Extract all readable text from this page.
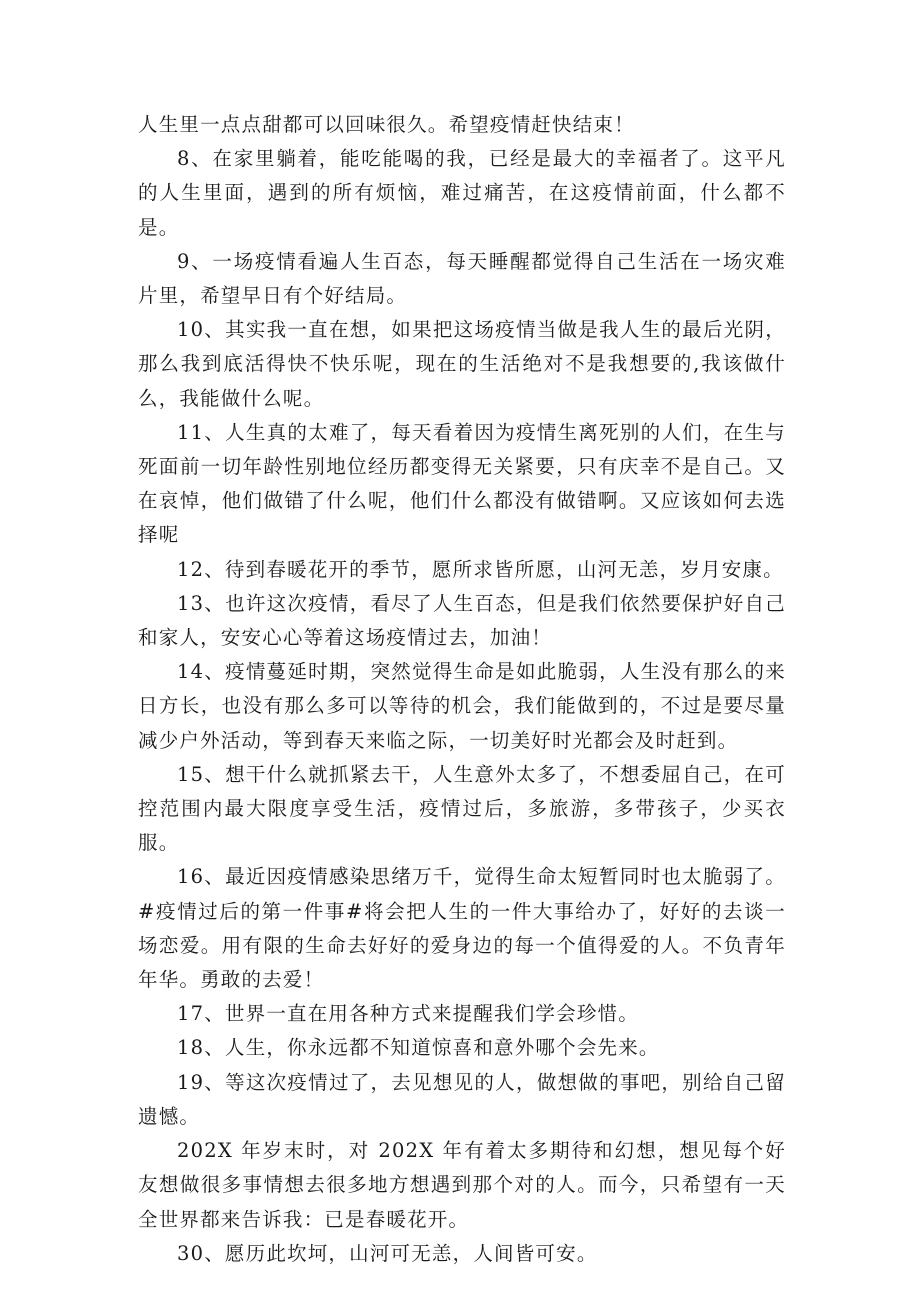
人生里一点点甜都可以回味很久。希望疫情赶快结束！

8、在家里躺着，能吃能喝的我，已经是最大的幸福者了。这平凡的人生里面，遇到的所有烦恼，难过痛苦，在这疫情前面，什么都不是。

9、一场疫情看遍人生百态，每天睡醒都觉得自己生活在一场灾难片里，希望早日有个好结局。

10、其实我一直在想，如果把这场疫情当做是我人生的最后光阴，那么我到底活得快不快乐呢，现在的生活绝对不是我想要的,我该做什么，我能做什么呢。

11、人生真的太难了，每天看着因为疫情生离死别的人们，在生与死面前一切年龄性别地位经历都变得无关紧要，只有庆幸不是自己。又在哀悼，他们做错了什么呢，他们什么都没有做错啊。又应该如何去选择呢

12、待到春暖花开的季节，愿所求皆所愿，山河无恙，岁月安康。

13、也许这次疫情，看尽了人生百态，但是我们依然要保护好自己和家人，安安心心等着这场疫情过去，加油！

14、疫情蔓延时期，突然觉得生命是如此脆弱，人生没有那么的来日方长，也没有那么多可以等待的机会，我们能做到的，不过是要尽量减少户外活动，等到春天来临之际，一切美好时光都会及时赶到。

15、想干什么就抓紧去干，人生意外太多了，不想委屈自己，在可控范围内最大限度享受生活，疫情过后，多旅游，多带孩子，少买衣服。

16、最近因疫情感染思绪万千，觉得生命太短暂同时也太脆弱了。#疫情过后的第一件事#将会把人生的一件大事给办了，好好的去谈一场恋爱。用有限的生命去好好的爱身边的每一个值得爱的人。不负青年年华。勇敢的去爱！

17、世界一直在用各种方式来提醒我们学会珍惜。

18、人生，你永远都不知道惊喜和意外哪个会先来。

19、等这次疫情过了，去见想见的人，做想做的事吧，别给自己留遗憾。

202X 年岁末时，对 202X 年有着太多期待和幻想，想见每个好友想做很多事情想去很多地方想遇到那个对的人。而今，只希望有一天全世界都来告诉我：已是春暖花开。

30、愿历此坎坷，山河可无恙，人间皆可安。
